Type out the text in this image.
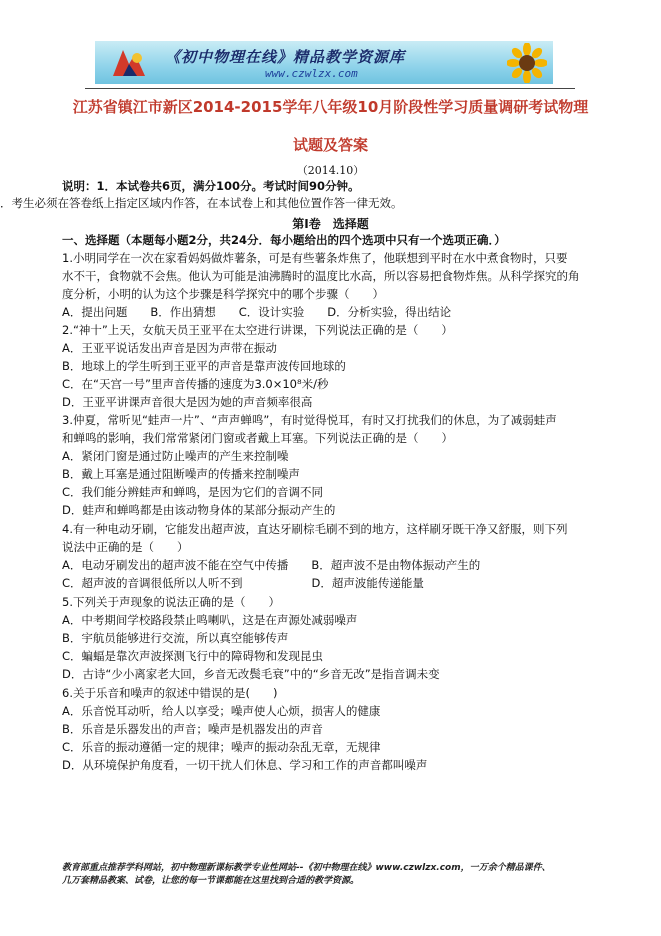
《初中物理在线》精品教学资源库
www.czwlzx.com
江苏省镇江市新区2014-2015学年八年级10月阶段性学习质量调研考试物理
试题及答案
（2014.10）
说明：1．本试卷共6页，满分100分。考试时间90分钟。
．考生必须在答卷纸上指定区域内作答，在本试卷上和其他位置作答一律无效。
第Ⅰ卷　选择题
一、选择题（本题每小题2分，共24分．每小题给出的四个选项中只有一个选项正确．）
1.小明同学在一次在家看妈妈做炸薯条，可是有些薯条炸焦了，他联想到平时在水中煮食物时，只要
水不干，食物就不会焦。他认为可能是油沸腾时的温度比水高，所以容易把食物炸焦。从科学探究的角
度分析，小明的认为这个步骤是科学探究中的哪个步骤（　　）
A．提出问题　　B．作出猜想　　C．设计实验　　D．分析实验，得出结论
2.“神十”上天，女航天员王亚平在太空进行讲课，下列说法正确的是（　　）
A．王亚平说话发出声音是因为声带在振动
B．地球上的学生听到王亚平的声音是靠声波传回地球的
C．在“天宫一号”里声音传播的速度为3.0×10⁸米/秒
D．王亚平讲课声音很大是因为她的声音频率很高
3.仲夏，常听见“蛙声一片”、“声声蝉鸣”，有时觉得悦耳，有时又打扰我们的休息，为了减弱蛙声
和蝉鸣的影响，我们常常紧闭门窗或者戴上耳塞。下列说法正确的是（　　）
A．紧闭门窗是通过防止噪声的产生来控制噪
B．戴上耳塞是通过阻断噪声的传播来控制噪声
C．我们能分辨蛙声和蝉鸣，是因为它们的音调不同
D．蛙声和蝉鸣都是由该动物身体的某部分振动产生的
4.有一种电动牙刷，它能发出超声波，直达牙刷棕毛刷不到的地方，这样刷牙既干净又舒服，则下列
说法中正确的是（　　）
A．电动牙刷发出的超声波不能在空气中传播　　B．超声波不是由物体振动产生的
C．超声波的音调很低所以人听不到　　　　　　D．超声波能传递能量
5.下列关于声现象的说法正确的是（　　）
A．中考期间学校路段禁止鸣喇叭，这是在声源处减弱噪声
B．宇航员能够进行交流，所以真空能够传声
C．蝙蝠是靠次声波探测飞行中的障碍物和发现昆虫
D．古诗“少小离家老大回，乡音无改鬓毛衰”中的“乡音无改”是指音调未变
6.关于乐音和噪声的叙述中错误的是(　　)
A．乐音悦耳动听，给人以享受；噪声使人心烦，损害人的健康
B．乐音是乐器发出的声音；噪声是机器发出的声音
C．乐音的振动遵循一定的规律；噪声的振动杂乱无章，无规律
D．从环境保护角度看，一切干扰人们休息、学习和工作的声音都叫噪声
教育部重点推荐学科网站，初中物理新课标教学专业性网站--《初中物理在线》www.czwlzx.com，一万余个精品课件、
几万套精品教案、试卷，让您的每一节课都能在这里找到合适的教学资源。
